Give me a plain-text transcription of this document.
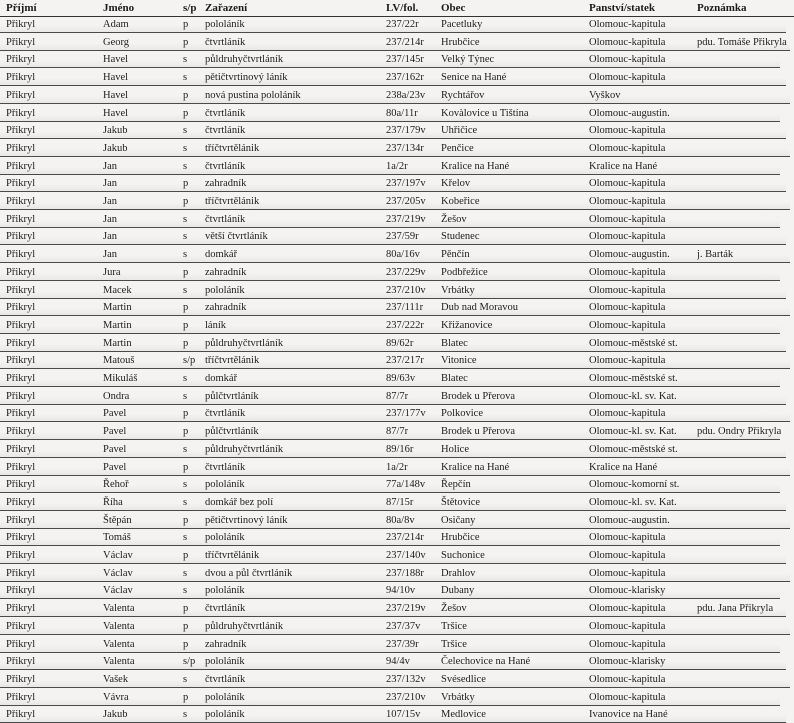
Příjmí	Jméno	s/p Zařazení	LV/fol.	Obec	Panství/statek	Poznámka
Přikryl	Adam	p	pololáník	237/22r	Pacetluky	Olomouc-kapitula
Přikryl	Georg	p	čtvrtláník	237/214r	Hrubčice	Olomouc-kapitula	pdu. Tomáše Přikryla
Přikryl	Havel	s	půldruhyčtvrtláník	237/145r	Velký Týnec	Olomouc-kapitula
Přikryl	Havel	s	pětičtvrtinový láník	237/162r	Senice na Hané	Olomouc-kapitula
Přikryl	Havel	p	nová pustina pololáník	238a/23v	Rychtářov	Vyškov
Přikryl	Havel	p	čtvrtláník	80a/11r	Kovàlovice u Tištína	Olomouc-augustin.
Přikryl	Jakub	s	čtvrtláník	237/179v	Uhřičice	Olomouc-kapitula
Přikryl	Jakub	s	tříčtvrtělánik	237/134r	Penčice	Olomouc-kapitula
Přikryl	Jan	s	čtvrtláník	1a/2r	Kralice na Hané	Kralice na Hané
Přikryl	Jan	p	zahradník	237/197v	Křelov	Olomouc-kapitula
Přikryl	Jan	p	tříčtvrtělánik	237/205v	Kobeřice	Olomouc-kapitula
Přikryl	Jan	s	čtvrtláník	237/219v	Žešov	Olomouc-kapitula
Přikryl	Jan	s	větší čtvrtláník	237/59r	Studenec	Olomouc-kapitula
Přikryl	Jan	s	domkář	80a/16v	Pěnčín	Olomouc-augustin.	j. Barták
Přikryl	Jura	p	zahradník	237/229v	Podbřežice	Olomouc-kapitula
Přikryl	Macek	s	pololáník	237/210v	Vrbátky	Olomouc-kapitula
Přikryl	Martin	p	zahradník	237/111r	Dub nad Moravou	Olomouc-kapitula
Přikryl	Martin	p	láník	237/222r	Křižanovice	Olomouc-kapitula
Přikryl	Martin	p	půldruhyčtvrtláník	89/62r	Blatec	Olomouc-městské st.
Přikryl	Matouš	s/p tříčtvrtělánik	237/217r	Vitonice	Olomouc-kapitula
Přikryl	Mikuláš	s	domkář	89/63v	Blatec	Olomouc-městské st.
Přikryl	Ondra	s	půlčtvrtláník	87/7r	Brodek u Přerova	Olomouc-kl. sv. Kat.
Přikryl	Pavel	p	čtvrtláník	237/177v	Polkovice	Olomouc-kapitula
Přikryl	Pavel	p	půlčtvrtláník	87/7r	Brodek u Přerova	Olomouc-kl. sv. Kat.	pdu. Ondry Přikryla
Přikryl	Pavel	s	půldruhyčtvrtláník	89/16r	Holice	Olomouc-městské st.
Přikryl	Pavel	p	čtvrtláník	1a/2r	Kralice na Hané	Kralice na Hané
Přikryl	Řehoř	s	pololáník	77a/148v	Řepčín	Olomouc-komorní st.
Přikryl	Říha	s	domkář bez polí	87/15r	Štětovice	Olomouc-kl. sv. Kat.
Přikryl	Štěpán	p	pětičtvrtinový láník	80a/8v	Osičany	Olomouc-augustin.
Přikryl	Tomáš	s	pololáník	237/214r	Hrubčice	Olomouc-kapitula
Přikryl	Václav	p	tříčtvrtělánik	237/140v	Suchonice	Olomouc-kapitula
Přikryl	Václav	s	dvou a půl čtvrtláník	237/188r	Drahlov	Olomouc-kapitula
Přikryl	Václav	s	pololáník	94/10v	Dubany	Olomouc-klarisky
Přikryl	Valenta	p	čtvrtláník	237/219v	Žešov	Olomouc-kapitula	pdu. Jana Přikryla
Přikryl	Valenta	p	půldruhyčtvrtláník	237/37v	Tršice	Olomouc-kapitula
Přikryl	Valenta	p	zahradník	237/39r	Tršice	Olomouc-kapitula
Přikryl	Valenta	s/p pololáník	94/4v	Čelechovice na Hané	Olomouc-klarisky
Přikryl	Vašek	s	čtvrtláník	237/132v	Svésedlice	Olomouc-kapitula
Přikryl	Vávra	p	pololáník	237/210v	Vrbátky	Olomouc-kapitula
Přikryl	Jakub	s	pololáník	107/15v	Medlovice	Ivanovice na Hané
